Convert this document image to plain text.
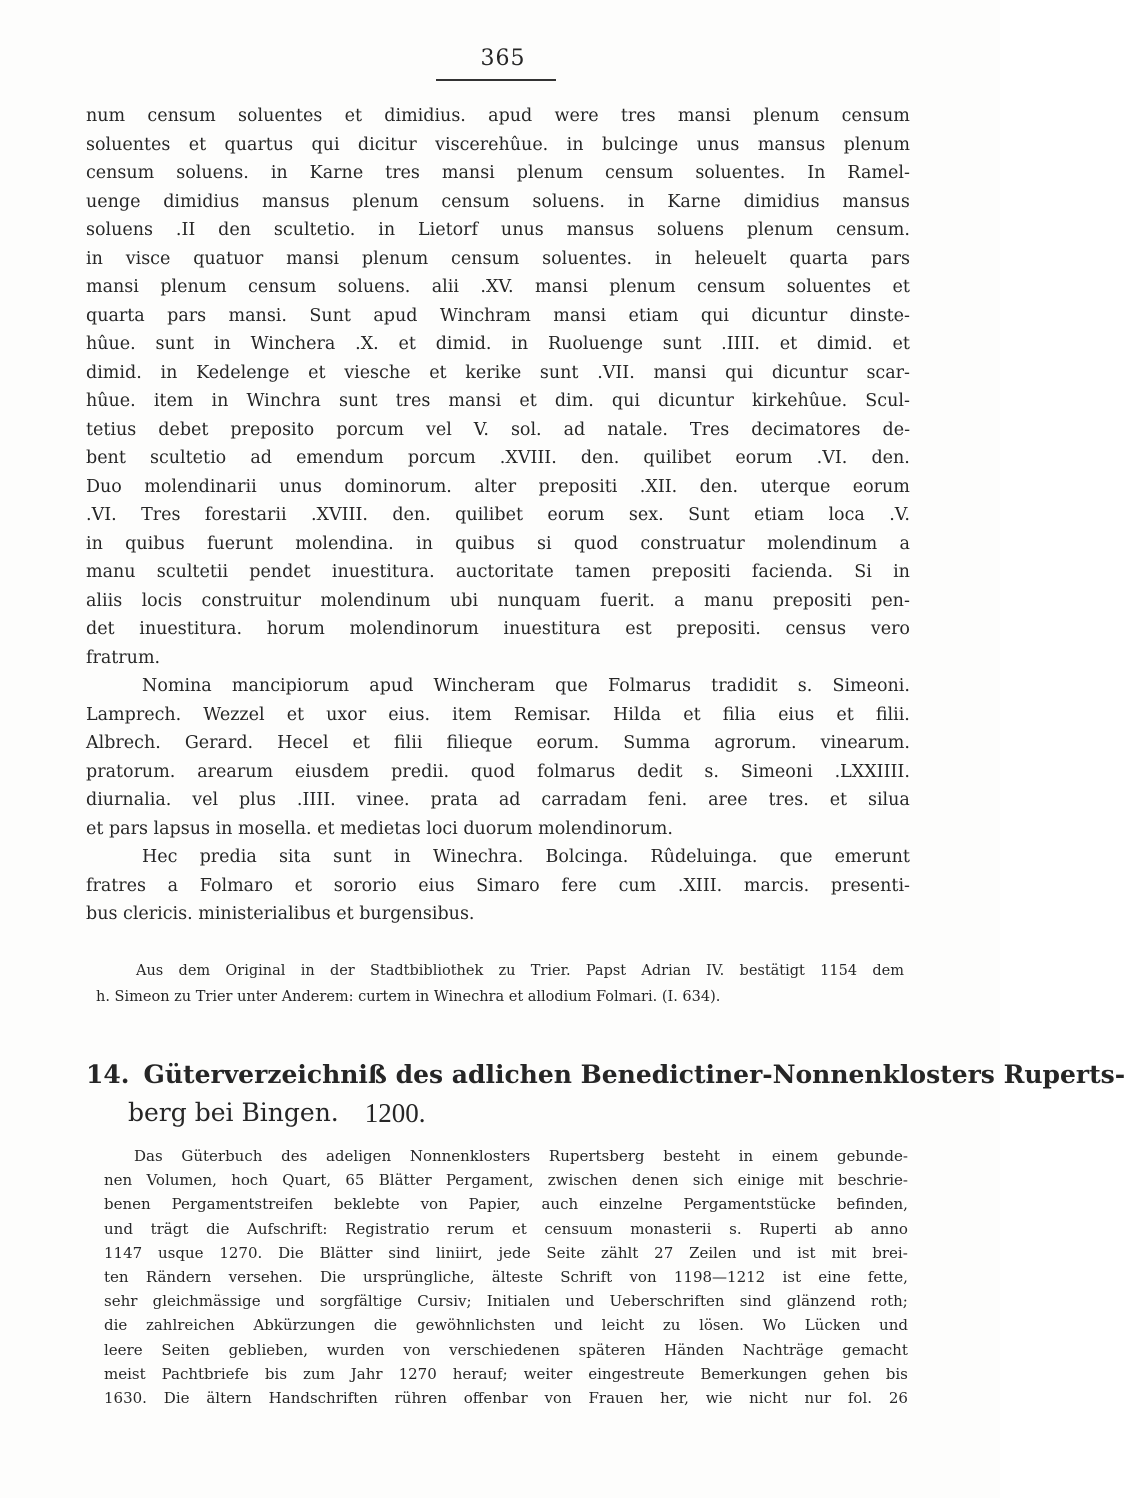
365
num censum soluentes et dimidius. apud were tres mansi plenum censum
soluentes et quartus qui dicitur viscerehûue. in bulcinge unus mansus plenum
censum soluens. in Karne tres mansi plenum censum soluentes. In Ramel-
uenge dimidius mansus plenum censum soluens. in Karne dimidius mansus
soluens .II den scultetio. in Lietorf unus mansus soluens plenum censum.
in visce quatuor mansi plenum censum soluentes. in heleuelt quarta pars
mansi plenum censum soluens. alii .XV. mansi plenum censum soluentes et
quarta pars mansi. Sunt apud Winchram mansi etiam qui dicuntur dinste-
hûue. sunt in Winchera .X. et dimid. in Ruoluenge sunt .IIII. et dimid. et
dimid. in Kedelenge et viesche et kerike sunt .VII. mansi qui dicuntur scar-
hûue. item in Winchra sunt tres mansi et dim. qui dicuntur kirkehûue. Scul-
tetius debet preposito porcum vel V. sol. ad natale. Tres decimatores de-
bent scultetio ad emendum porcum .XVIII. den. quilibet eorum .VI. den.
Duo molendinarii unus dominorum. alter prepositi .XII. den. uterque eorum
.VI. Tres forestarii .XVIII. den. quilibet eorum sex. Sunt etiam loca .V.
in quibus fuerunt molendina. in quibus si quod construatur molendinum a
manu scultetii pendet inuestitura. auctoritate tamen prepositi facienda. Si in
aliis locis construitur molendinum ubi nunquam fuerit. a manu prepositi pen-
det inuestitura. horum molendinorum inuestitura est prepositi. census vero
fratrum.
Nomina mancipiorum apud Wincheram que Folmarus tradidit s. Simeoni.
Lamprech. Wezzel et uxor eius. item Remisar. Hilda et filia eius et filii.
Albrech. Gerard. Hecel et filii filieque eorum. Summa agrorum. vinearum.
pratorum. arearum eiusdem predii. quod folmarus dedit s. Simeoni .LXXIIII.
diurnalia. vel plus .IIII. vinee. prata ad carradam feni. aree tres. et silua
et pars lapsus in mosella. et medietas loci duorum molendinorum.
Hec predia sita sunt in Winechra. Bolcinga. Rûdeluinga. que emerunt
fratres a Folmaro et sororio eius Simaro fere cum .XIII. marcis. presenti-
bus clericis. ministerialibus et burgensibus.
Aus dem Original in der Stadtbibliothek zu Trier. Papst Adrian IV. bestätigt 1154 dem
h. Simeon zu Trier unter Anderem: curtem in Winechra et allodium Folmari. (I. 634).
14. Güterverzeichniß des adlichen Benedictiner-Nonnenklosters Ruperts-
berg bei Bingen. 1200.
Das Güterbuch des adeligen Nonnenklosters Rupertsberg besteht in einem gebunde-
nen Volumen, hoch Quart, 65 Blätter Pergament, zwischen denen sich einige mit beschrie-
benen Pergamentstreifen beklebte von Papier, auch einzelne Pergamentstücke befinden,
und trägt die Aufschrift: Registratio rerum et censuum monasterii s. Ruperti ab anno
1147 usque 1270. Die Blätter sind liniirt, jede Seite zählt 27 Zeilen und ist mit brei-
ten Rändern versehen. Die ursprüngliche, älteste Schrift von 1198—1212 ist eine fette,
sehr gleichmässige und sorgfältige Cursiv; Initialen und Ueberschriften sind glänzend roth;
die zahlreichen Abkürzungen die gewöhnlichsten und leicht zu lösen. Wo Lücken und
leere Seiten geblieben, wurden von verschiedenen späteren Händen Nachträge gemacht
meist Pachtbriefe bis zum Jahr 1270 herauf; weiter eingestreute Bemerkungen gehen bis
1630. Die ältern Handschriften rühren offenbar von Frauen her, wie nicht nur fol. 26
